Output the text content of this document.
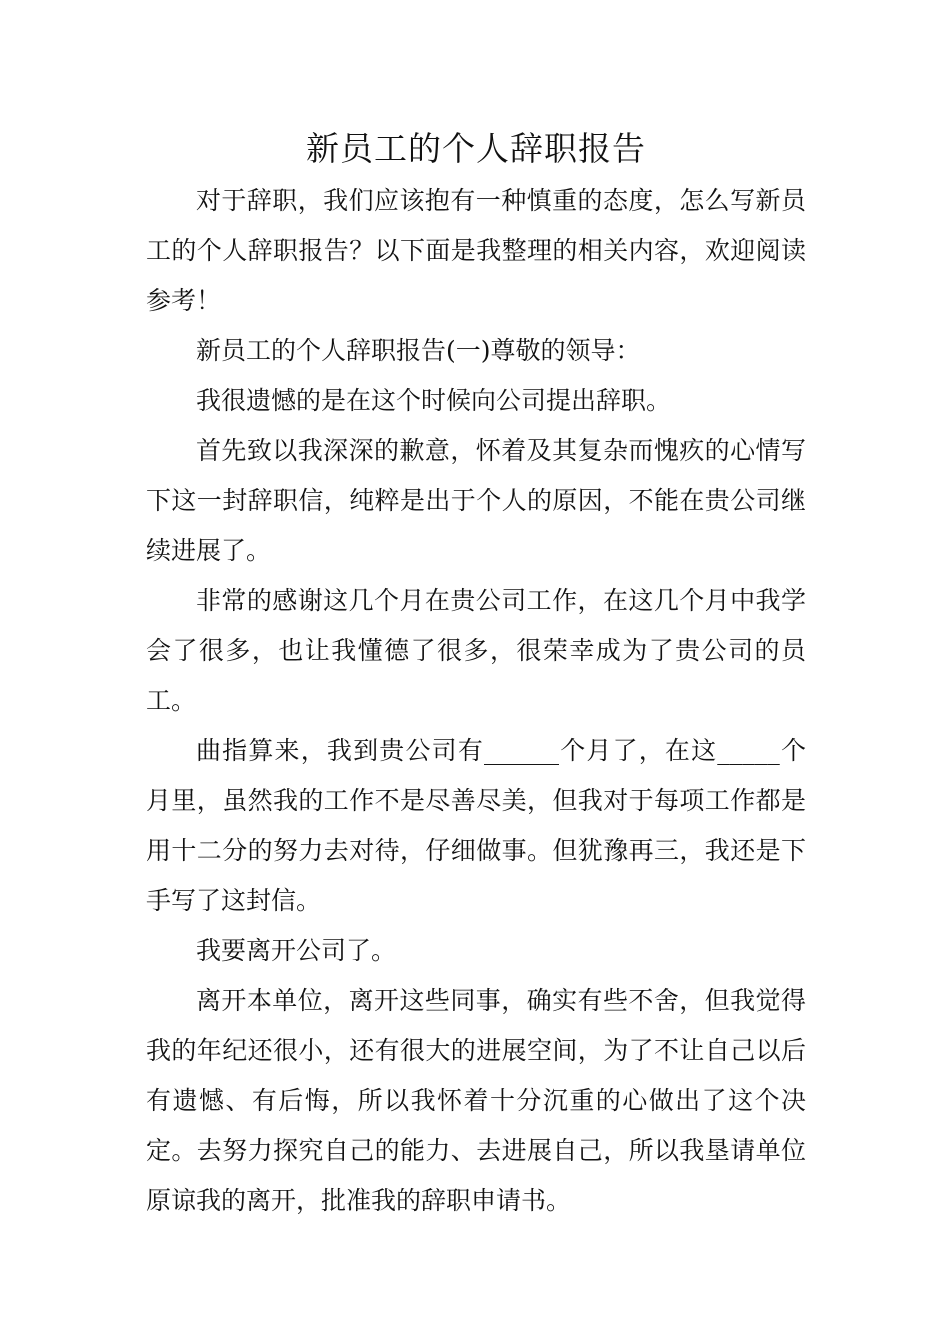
新员工的个人辞职报告

对于辞职，我们应该抱有一种慎重的态度，怎么写新员工的个人辞职报告？以下面是我整理的相关内容，欢迎阅读参考！

新员工的个人辞职报告(一)尊敬的领导：

我很遗憾的是在这个时候向公司提出辞职。

首先致以我深深的歉意，怀着及其复杂而愧疚的心情写下这一封辞职信，纯粹是出于个人的原因，不能在贵公司继续进展了。

非常的感谢这几个月在贵公司工作，在这几个月中我学会了很多，也让我懂德了很多，很荣幸成为了贵公司的员工。

曲指算来，我到贵公司有______个月了，在这_____个月里，虽然我的工作不是尽善尽美，但我对于每项工作都是用十二分的努力去对待，仔细做事。但犹豫再三，我还是下手写了这封信。

我要离开公司了。

离开本单位，离开这些同事，确实有些不舍，但我觉得我的年纪还很小，还有很大的进展空间，为了不让自己以后有遗憾、有后悔，所以我怀着十分沉重的心做出了这个决定。去努力探究自己的能力、去进展自己，所以我垦请单位原谅我的离开，批准我的辞职申请书。
